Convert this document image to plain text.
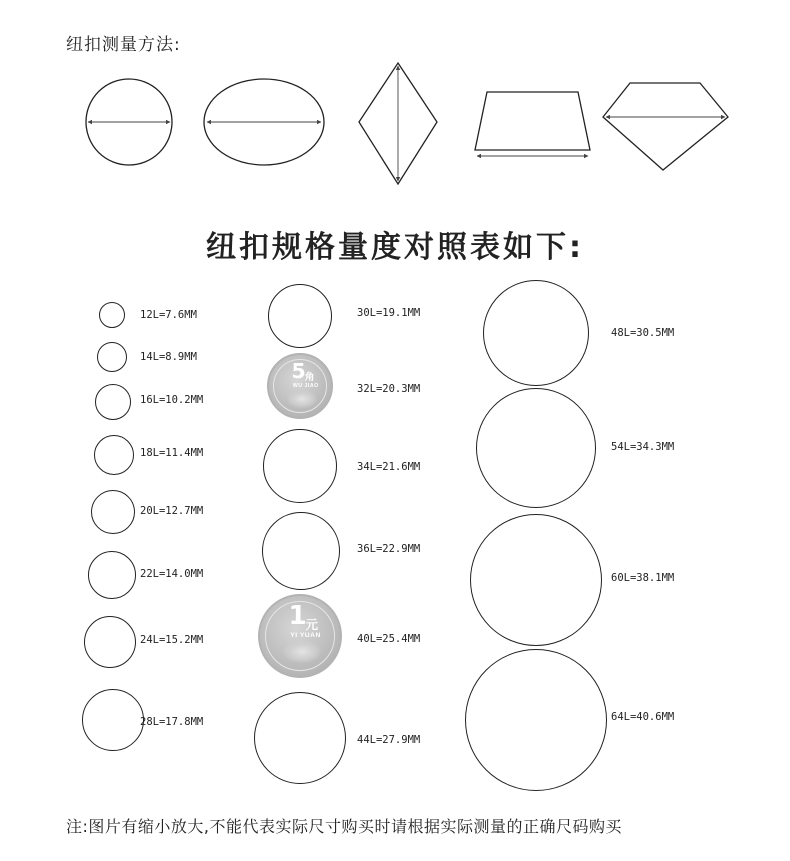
纽扣测量方法:
纽扣规格量度对照表如下:
12L=7.6MM
14L=8.9MM
16L=10.2MM
18L=11.4MM
20L=12.7MM
22L=14.0MM
24L=15.2MM
28L=17.8MM
30L=19.1MM
5
角
WU JIAO	32L=20.3MM
34L=21.6MM
36L=22.9MM
1
元
YI YUAN	40L=25.4MM
44L=27.9MM
48L=30.5MM
54L=34.3MM
60L=38.1MM
64L=40.6MM
注:图片有缩小放大,不能代表实际尺寸购买时请根据实际测量的正确尺码购买
